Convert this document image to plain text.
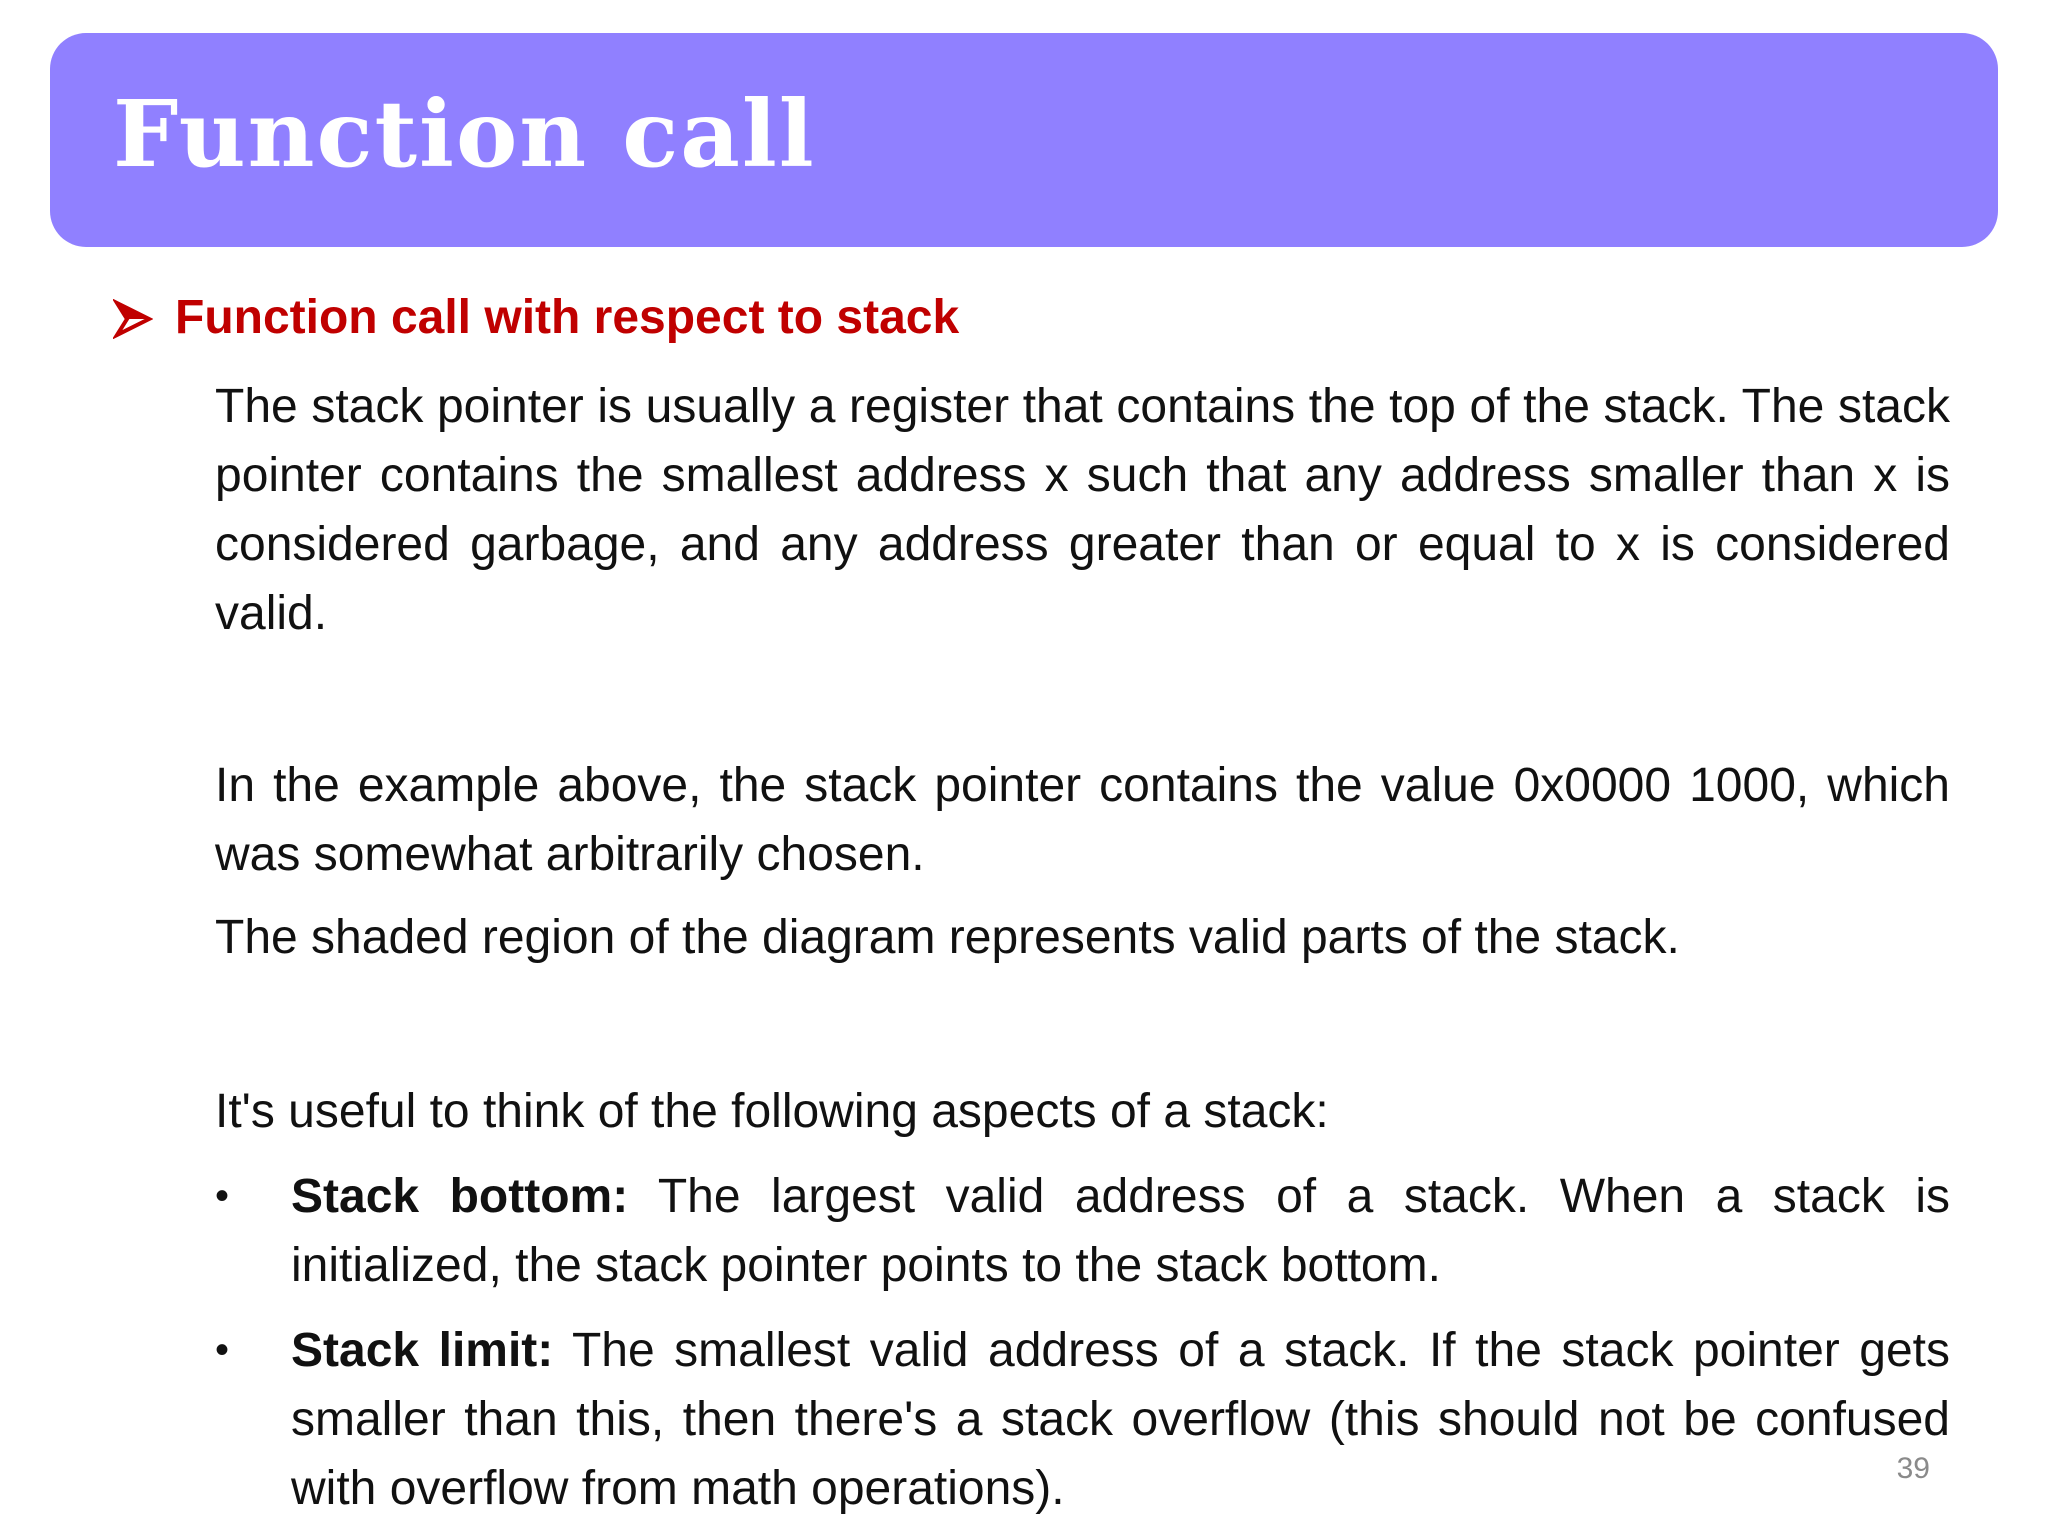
Function call
Function call with respect to stack
The stack pointer is usually a register that contains the top of the stack. The stack pointer contains the smallest address x such that any address smaller than x is considered garbage, and any address greater than or equal to x is considered valid.
In the example above, the stack pointer contains the value 0x0000 1000, which was somewhat arbitrarily chosen.
The shaded region of the diagram represents valid parts of the stack.
It's useful to think of the following aspects of a stack:
•	Stack bottom: The largest valid address of a stack. When a stack is initialized, the stack pointer points to the stack bottom.
•	Stack limit: The smallest valid address of a stack. If the stack pointer gets smaller than this, then there's a stack overflow (this should not be confused with overflow from math operations).	39
